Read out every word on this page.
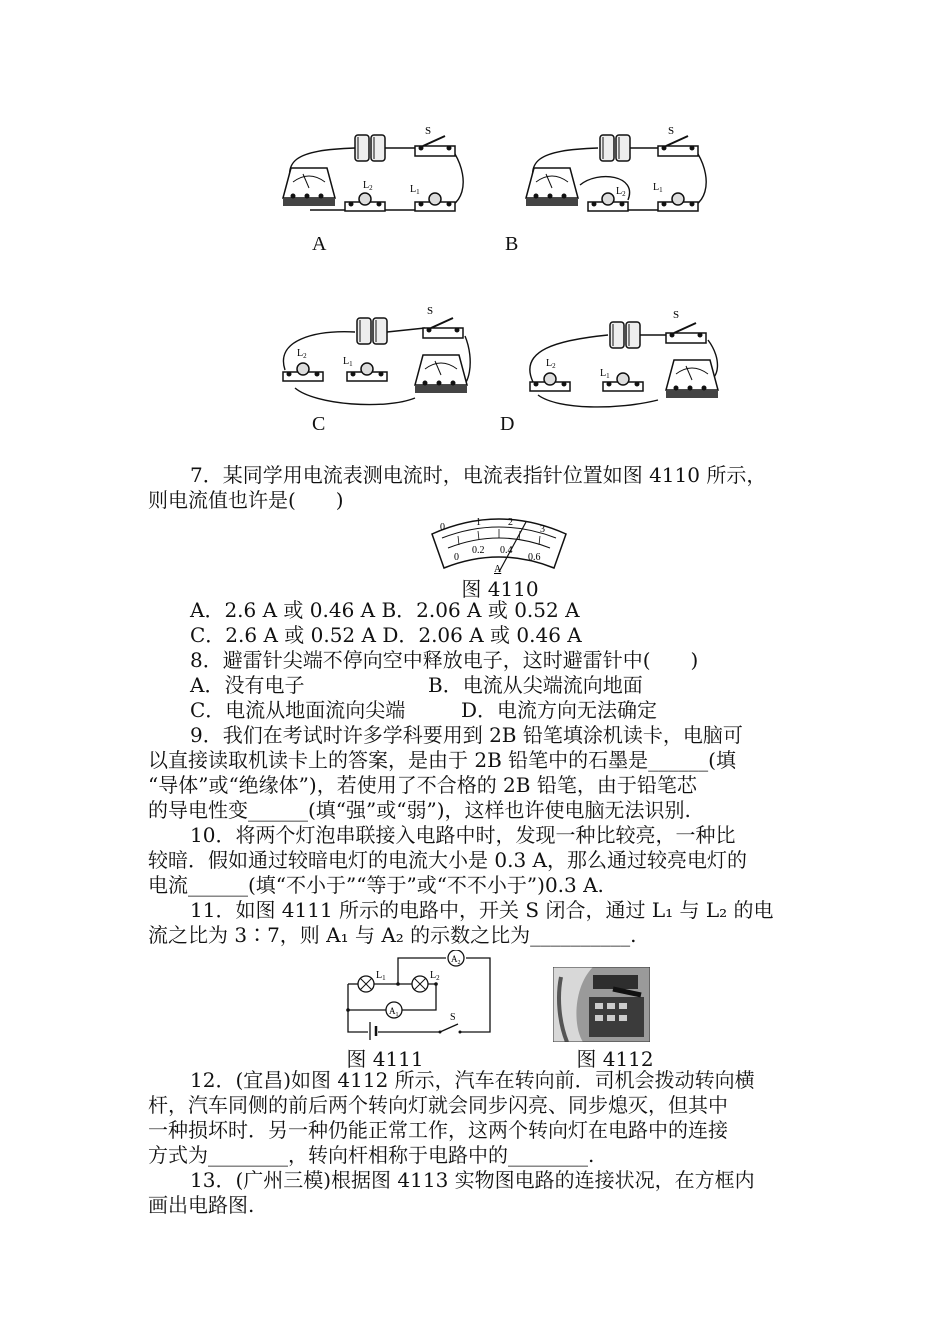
S
$L_2$	$L_1$
A
S
$L_2$
$L_1$
B
S
$L_2$	$L_1$
C
S
$L_2$
$L_1$
D

7．某同学用电流表测电流时，电流表指针位置如图 4110 所示，

则电流值也许是(　　)

0	1	2
3
0
0.2 0.4
0.6
A
图 4110

A．2.6 A 或 0.46 A B．2.06 A 或 0.52 A

C．2.6 A 或 0.52 A D．2.06 A 或 0.46 A

8．避雷针尖端不停向空中释放电子，这时避雷针中(　　)

A．没有电子	B．电流从尖端流向地面

C．电流从地面流向尖端	D．电流方向无法确定

9．我们在考试时许多学科要用到 2B 铅笔填涂机读卡，电脑可

以直接读取机读卡上的答案，是由于 2B 铅笔中的石墨是______(填

“导体”或“绝缘体”)，若使用了不合格的 2B 铅笔，由于铅笔芯

的导电性变______(填“强”或“弱”)，这样也许使电脑无法识别.

10．将两个灯泡串联接入电路中时，发现一种比较亮，一种比

较暗．假如通过较暗电灯的电流大小是 0.3 A，那么通过较亮电灯的

电流______(填“不小于”“等于”或“不不小于”)0.3 A.

11．如图 4111 所示的电路中，开关 S 闭合，通过 L₁ 与 L₂ 的电

流之比为 3∶7，则 A₁ 与 A₂ 的示数之比为__________.

$L_1$	$L_2$
$A_2$
$A_1$	S
图 4111	图 4112

12．(宜昌)如图 4112 所示，汽车在转向前．司机会拨动转向横

杆，汽车同侧的前后两个转向灯就会同步闪亮、同步熄灭，但其中

一种损坏时．另一种仍能正常工作，这两个转向灯在电路中的连接

方式为________，转向杆相称于电路中的________.

13．(广州三模)根据图 4113 实物图电路的连接状况，在方框内

画出电路图.
